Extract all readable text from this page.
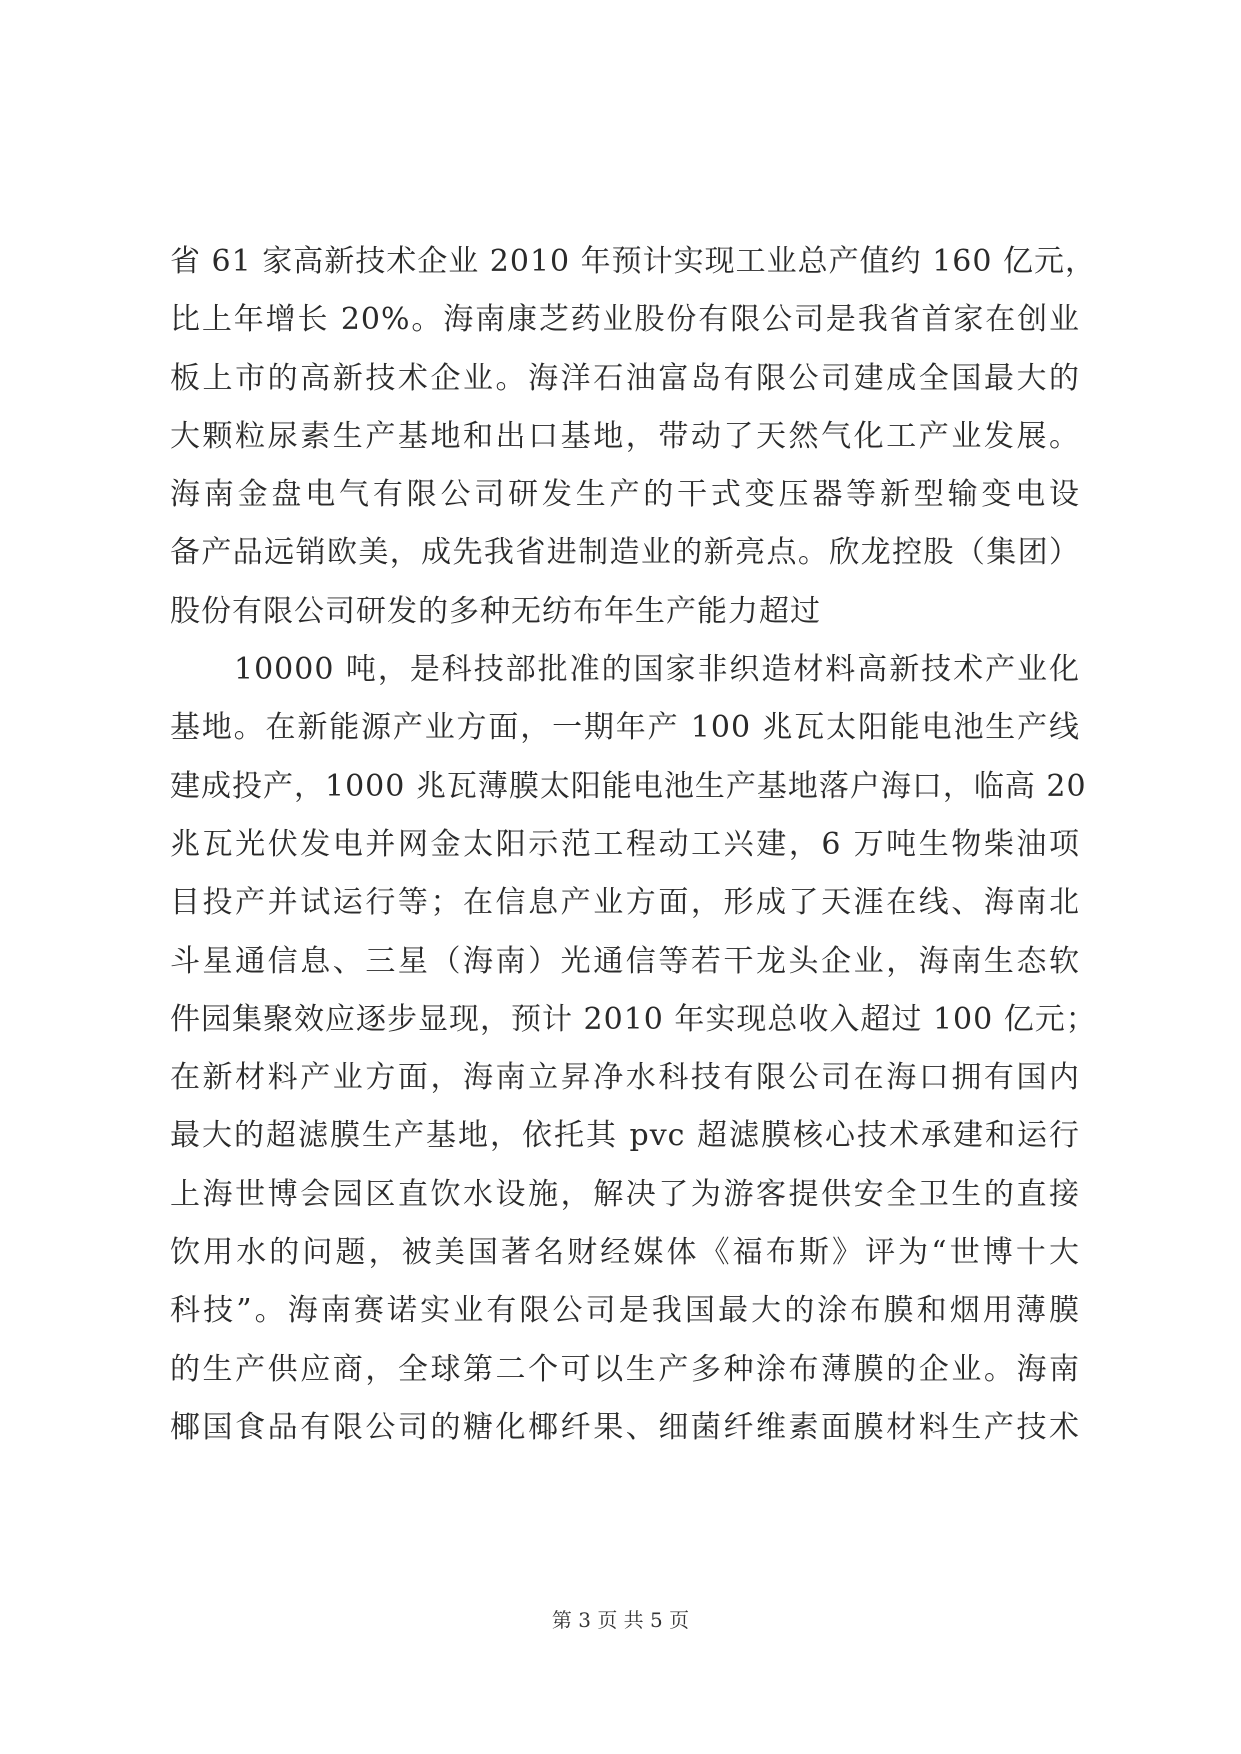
省 61 家高新技术企业 2010 年预计实现工业总产值约 160 亿元，
比上年增长 20%。海南康芝药业股份有限公司是我省首家在创业
板上市的高新技术企业。海洋石油富岛有限公司建成全国最大的
大颗粒尿素生产基地和出口基地，带动了天然气化工产业发展。
海南金盘电气有限公司研发生产的干式变压器等新型输变电设
备产品远销欧美，成先我省进制造业的新亮点。欣龙控股（集团）
股份有限公司研发的多种无纺布年生产能力超过
10000 吨，是科技部批准的国家非织造材料高新技术产业化
基地。在新能源产业方面，一期年产 100 兆瓦太阳能电池生产线
建成投产，1000 兆瓦薄膜太阳能电池生产基地落户海口，临高 20
兆瓦光伏发电并网金太阳示范工程动工兴建，6 万吨生物柴油项
目投产并试运行等；在信息产业方面，形成了天涯在线、海南北
斗星通信息、三星（海南）光通信等若干龙头企业，海南生态软
件园集聚效应逐步显现，预计 2010 年实现总收入超过 100 亿元；
在新材料产业方面，海南立昇净水科技有限公司在海口拥有国内
最大的超滤膜生产基地，依托其 pvc 超滤膜核心技术承建和运行
上海世博会园区直饮水设施，解决了为游客提供安全卫生的直接
饮用水的问题，被美国著名财经媒体《福布斯》评为“世博十大
科技”。海南赛诺实业有限公司是我国最大的涂布膜和烟用薄膜
的生产供应商，全球第二个可以生产多种涂布薄膜的企业。海南
椰国食品有限公司的糖化椰纤果、细菌纤维素面膜材料生产技术
第 3 页 共 5 页
